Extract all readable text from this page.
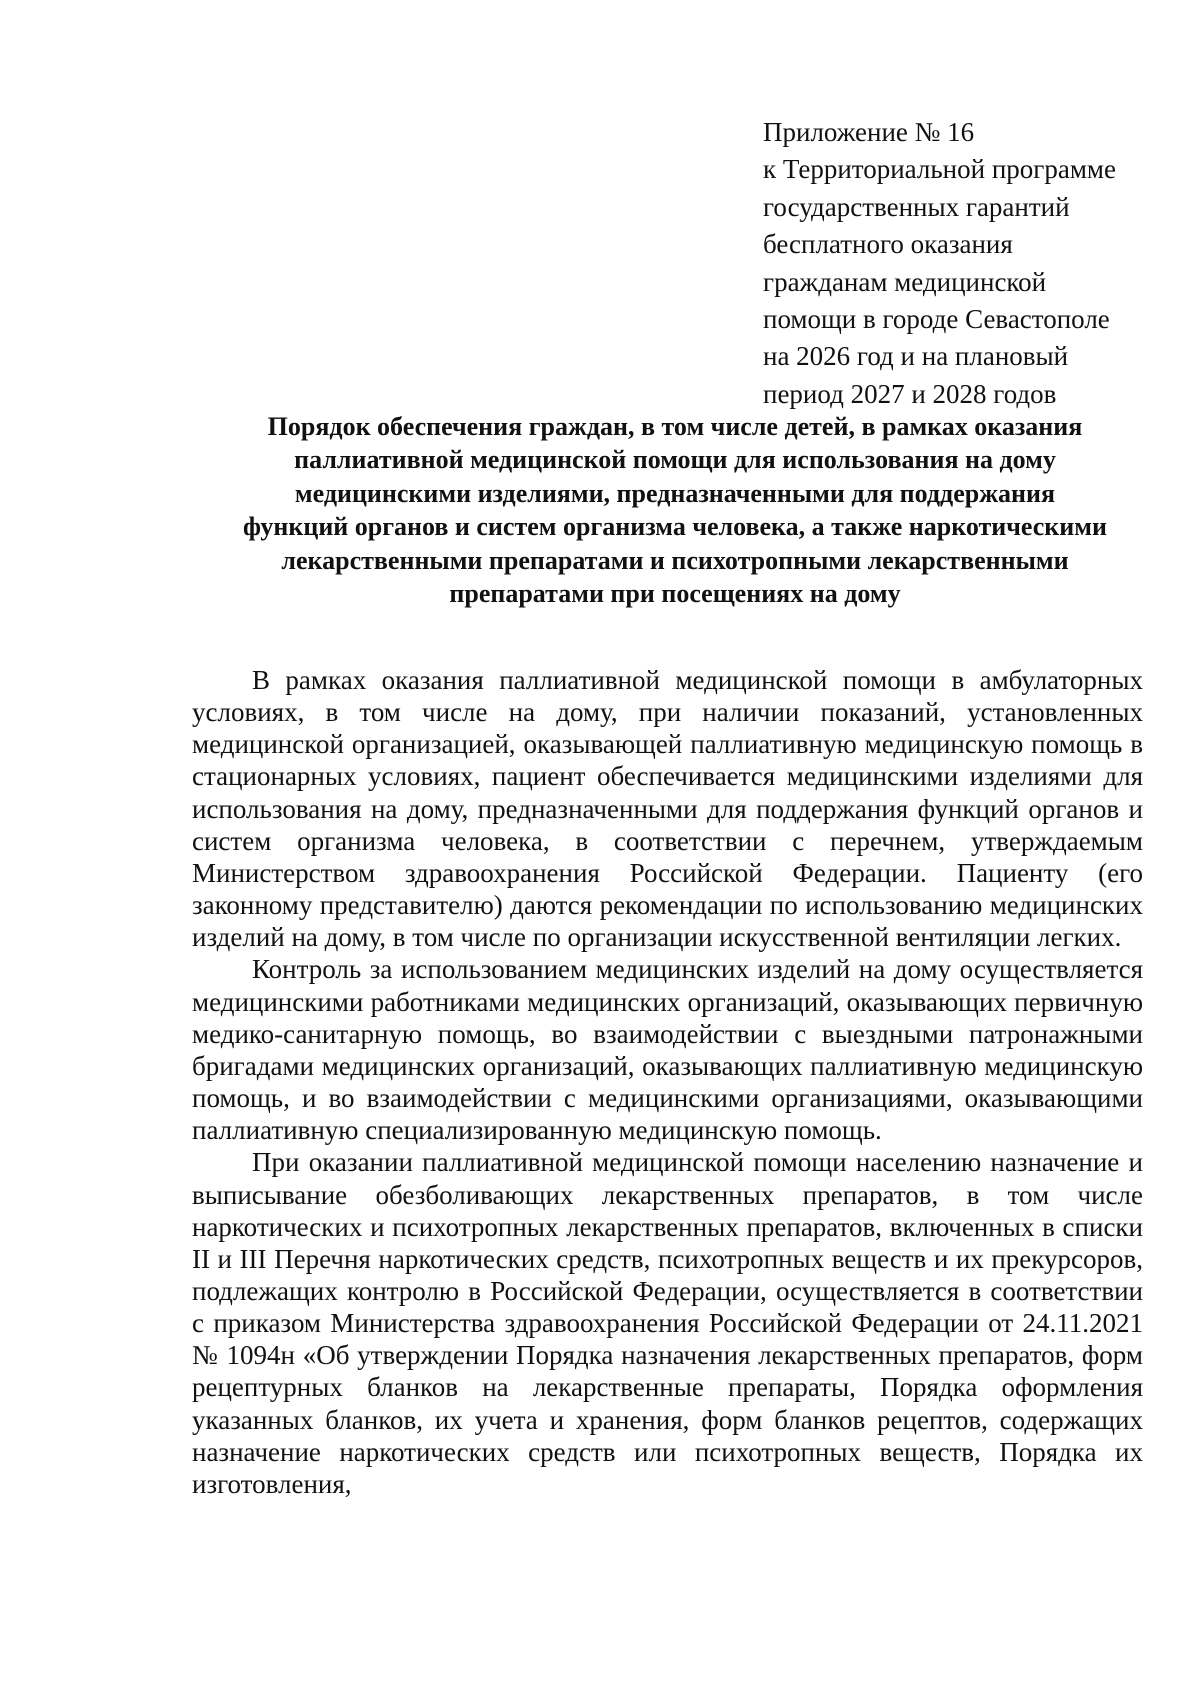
Приложение № 16
к Территориальной программе
государственных гарантий
бесплатного оказания
гражданам медицинской
помощи в городе Севастополе
на 2026 год и на плановый
период 2027 и 2028 годов
Порядок обеспечения граждан, в том числе детей, в рамках оказания
паллиативной медицинской помощи для использования на дому
медицинскими изделиями, предназначенными для поддержания
функций органов и систем организма человека, а также наркотическими
лекарственными препаратами и психотропными лекарственными
препаратами при посещениях на дому

В рамках оказания паллиативной медицинской помощи в амбулаторных условиях, в том числе на дому, при наличии показаний, установленных медицинской организацией, оказывающей паллиативную медицинскую помощь в стационарных условиях, пациент обеспечивается медицинскими изделиями для использования на дому, предназначенными для поддержания функций органов и систем организма человека, в соответствии с перечнем, утверждаемым Министерством здравоохранения Российской Федерации. Пациенту (его законному представителю) даются рекомендации по использованию медицинских изделий на дому, в том числе по организации искусственной вентиляции легких.

Контроль за использованием медицинских изделий на дому осуществляется медицинскими работниками медицинских организаций, оказывающих первичную медико-санитарную помощь, во взаимодействии с выездными патронажными бригадами медицинских организаций, оказывающих паллиативную медицинскую помощь, и во взаимодействии с медицинскими организациями, оказывающими паллиативную специализированную медицинскую помощь.

При оказании паллиативной медицинской помощи населению назначение и выписывание обезболивающих лекарственных препаратов, в том числе наркотических и психотропных лекарственных препаратов, включенных в списки II и III Перечня наркотических средств, психотропных веществ и их прекурсоров, подлежащих контролю в Российской Федерации, осуществляется в соответствии с приказом Министерства здравоохранения Российской Федерации от 24.11.2021 № 1094н «Об утверждении Порядка назначения лекарственных препаратов, форм рецептурных бланков на лекарственные препараты, Порядка оформления указанных бланков, их учета и хранения, форм бланков рецептов, содержащих назначение наркотических средств или психотропных веществ, Порядка их изготовления,
